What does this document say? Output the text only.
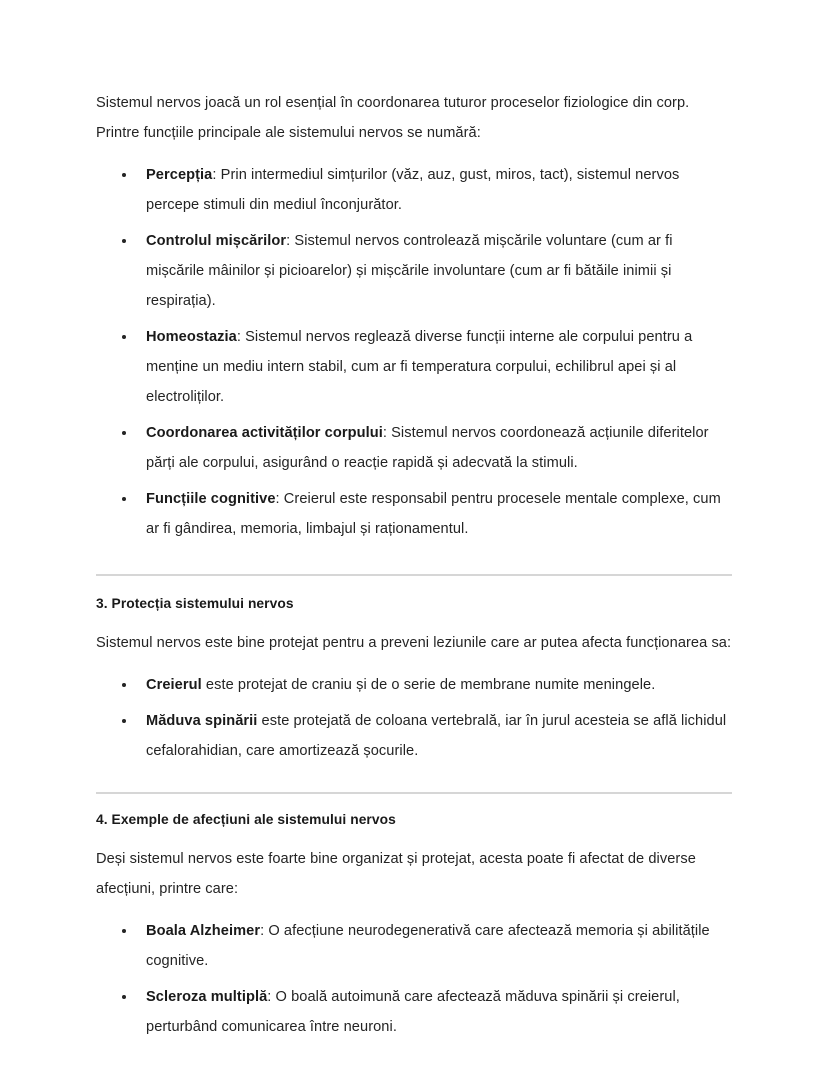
Sistemul nervos joacă un rol esențial în coordonarea tuturor proceselor fiziologice din corp. Printre funcțiile principale ale sistemului nervos se numără:

Percepția: Prin intermediul simțurilor (văz, auz, gust, miros, tact), sistemul nervos percepe stimuli din mediul înconjurător.
Controlul mișcărilor: Sistemul nervos controlează mișcările voluntare (cum ar fi mișcările mâinilor și picioarelor) și mișcările involuntare (cum ar fi bătăile inimii și respirația).
Homeostazia: Sistemul nervos reglează diverse funcții interne ale corpului pentru a menține un mediu intern stabil, cum ar fi temperatura corpului, echilibrul apei și al electroliților.
Coordonarea activităților corpului: Sistemul nervos coordonează acțiunile diferitelor părți ale corpului, asigurând o reacție rapidă și adecvată la stimuli.
Funcțiile cognitive: Creierul este responsabil pentru procesele mentale complexe, cum ar fi gândirea, memoria, limbajul și raționamentul.
3. Protecția sistemului nervos

Sistemul nervos este bine protejat pentru a preveni leziunile care ar putea afecta funcționarea sa:

Creierul este protejat de craniu și de o serie de membrane numite meningele.
Măduva spinării este protejată de coloana vertebrală, iar în jurul acesteia se află lichidul cefalorahidian, care amortizează șocurile.
4. Exemple de afecțiuni ale sistemului nervos

Deși sistemul nervos este foarte bine organizat și protejat, acesta poate fi afectat de diverse afecțiuni, printre care:

Boala Alzheimer: O afecțiune neurodegenerativă care afectează memoria și abilitățile cognitive.
Scleroza multiplă: O boală autoimună care afectează măduva spinării și creierul, perturbând comunicarea între neuroni.
